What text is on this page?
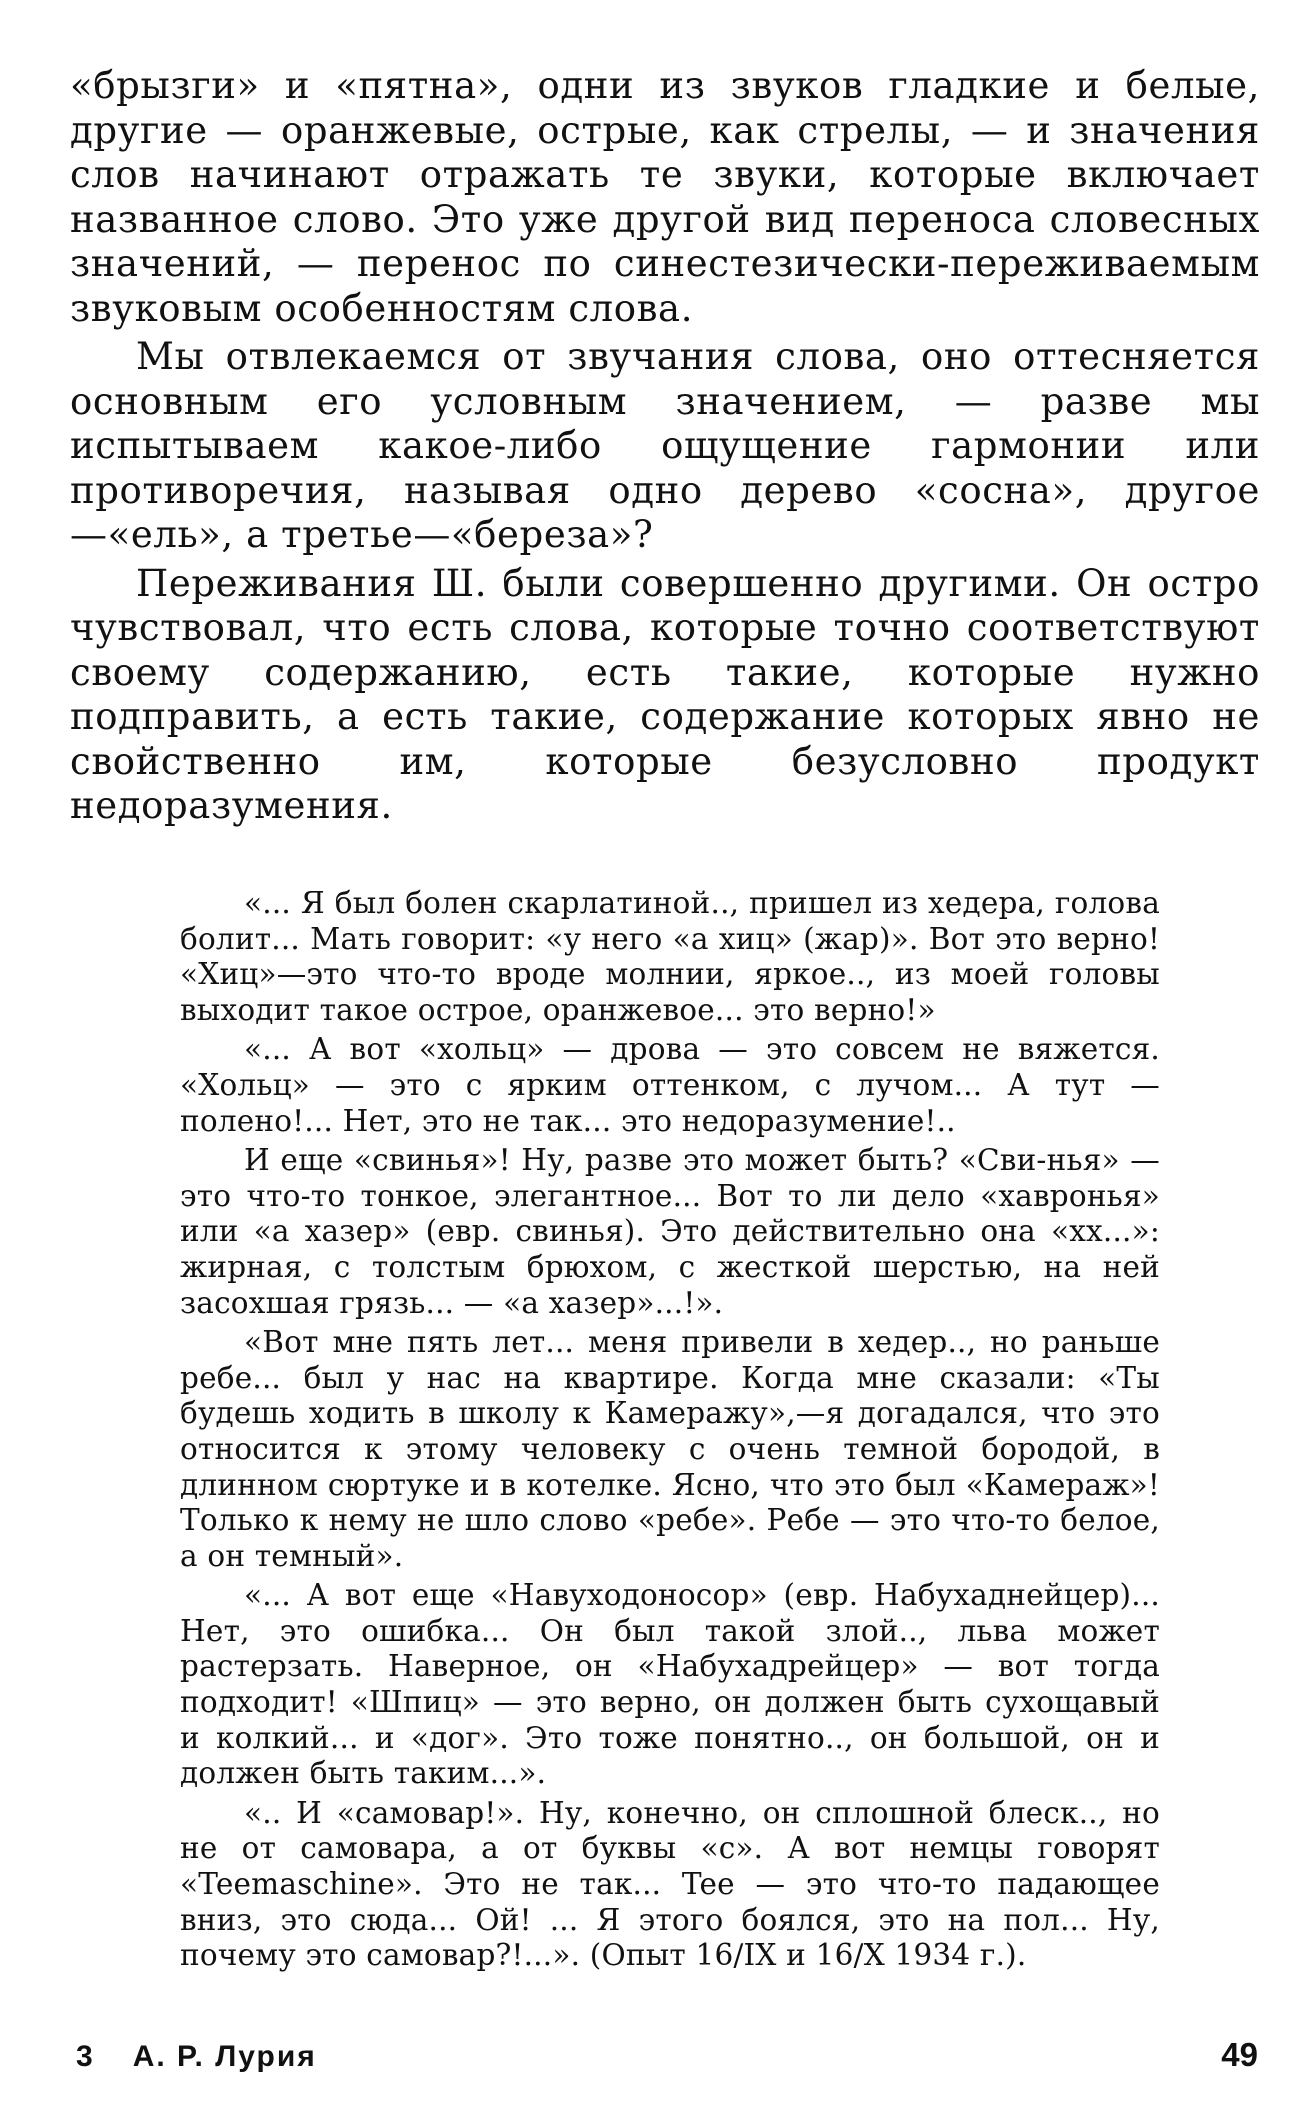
«брызги» и «пятна», одни из звуков гладкие и белые, другие — оранжевые, острые, как стрелы, — и значения слов начинают отражать те звуки, которые включает названное слово. Это уже другой вид переноса словесных значений, — перенос по синестезически-переживаемым звуковым особенностям слова.

Мы отвлекаемся от звучания слова, оно оттесняется основным его условным значением, — разве мы испытываем какое-либо ощущение гармонии или противоречия, называя одно дерево «сосна», другое—«ель», а третье—«береза»?

Переживания Ш. были совершенно другими. Он остро чувствовал, что есть слова, которые точно соответствуют своему содержанию, есть такие, которые нужно подправить, а есть такие, содержание которых явно не свойственно им, которые безусловно продукт недоразумения.

«... Я был болен скарлатиной.., пришел из хедера, голова болит... Мать говорит: «у него «а хиц» (жар)». Вот это верно! «Хиц»—это что-то вроде молнии, яркое.., из моей головы выходит такое острое, оранжевое... это верно!»

«... А вот «хольц» — дрова — это совсем не вяжется. «Хольц» — это с ярким оттенком, с лучом... А тут — полено!... Нет, это не так... это недоразумение!..

И еще «свинья»! Ну, разве это может быть? «Сви-нья» — это что-то тонкое, элегантное... Вот то ли дело «хавронья» или «а хазер» (евр. свинья). Это действительно она «хх...»: жирная, с толстым брюхом, с жесткой шерстью, на ней засохшая грязь... — «а хазер»...!».

«Вот мне пять лет... меня привели в хедер.., но раньше ребе... был у нас на квартире. Когда мне сказали: «Ты будешь ходить в школу к Камеражу»,—я догадался, что это относится к этому человеку с очень темной бородой, в длинном сюртуке и в котелке. Ясно, что это был «Камераж»! Только к нему не шло слово «ребе». Ребе — это что-то белое, а он темный».

«... А вот еще «Навуходоносор» (евр. Набухаднейцер)... Нет, это ошибка... Он был такой злой.., льва может растерзать. Наверное, он «Набухадрейцер» — вот тогда подходит! «Шпиц» — это верно, он должен быть сухощавый и колкий... и «дог». Это тоже понятно.., он большой, он и должен быть таким...».

«.. И «самовар!». Ну, конечно, он сплошной блеск.., но не от самовара, а от буквы «с». А вот немцы говорят «Teemaschine». Это не так... Tee — это что-то падающее вниз, это сюда... Ой! ... Я этого боялся, это на пол... Ну, почему это самовар?!...». (Опыт 16/IX и 16/X 1934 г.).

3 А. Р. Лурия	49
